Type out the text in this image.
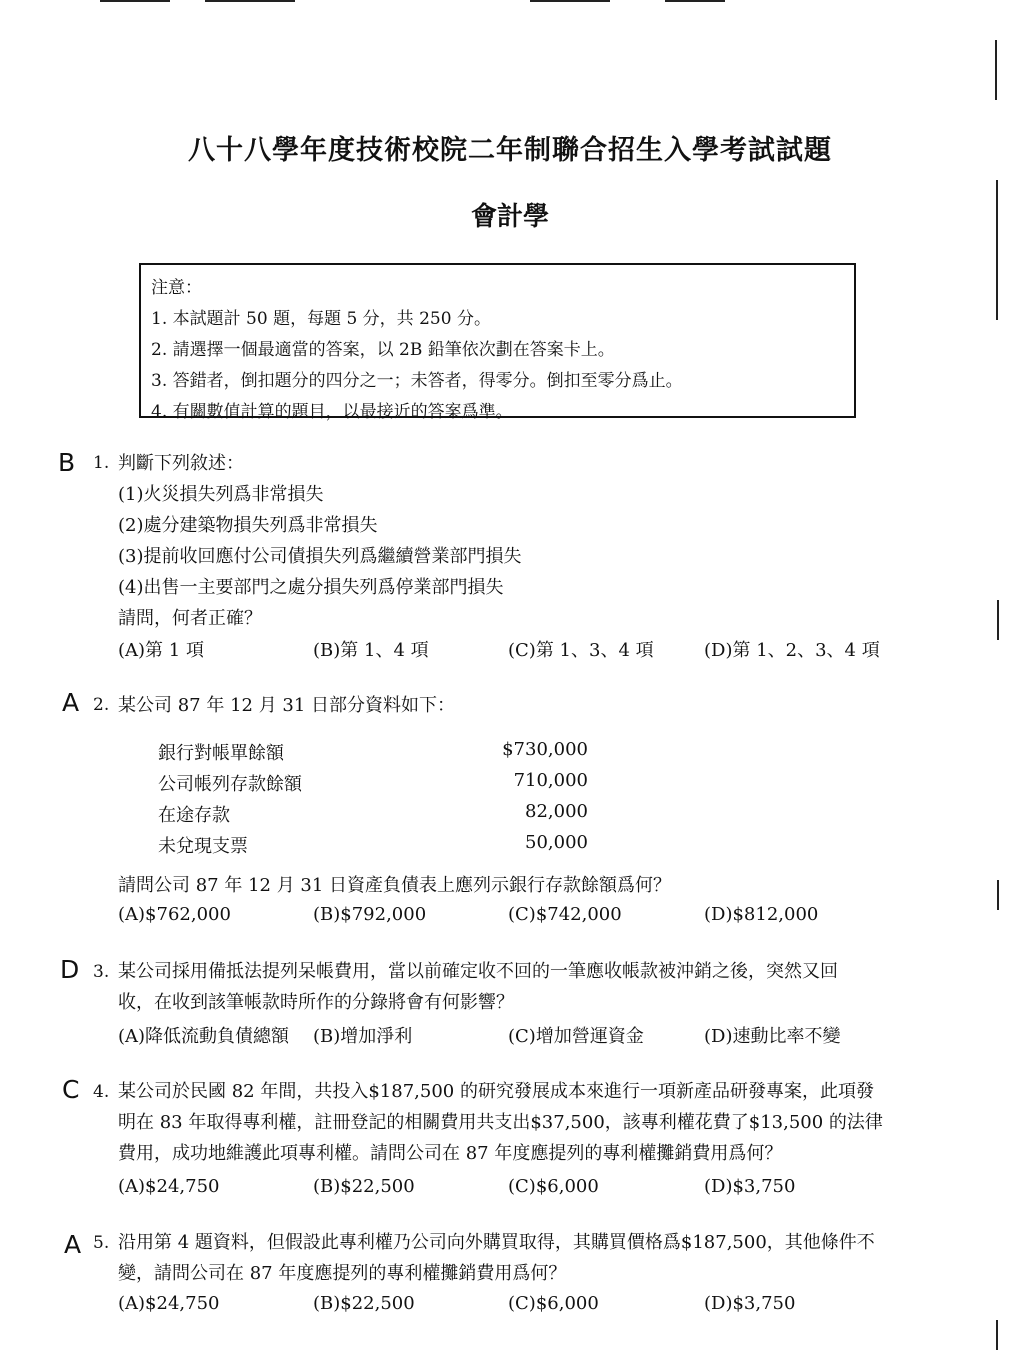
八十八學年度技術校院二年制聯合招生入學考試試題
會計學
注意：
1. 本試題計 50 題，每題 5 分，共 250 分。
2. 請選擇一個最適當的答案，以 2B 鉛筆依次劃在答案卡上。
3. 答錯者，倒扣題分的四分之一；未答者，得零分。倒扣至零分爲止。
4. 有關數值計算的題目，以最接近的答案爲準。
B 1. 判斷下列敘述：
(1)火災損失列爲非常損失
(2)處分建築物損失列爲非常損失
(3)提前收回應付公司債損失列爲繼續營業部門損失
(4)出售一主要部門之處分損失列爲停業部門損失
請問，何者正確？
(A)第 1 項	(B)第 1、4 項	(C)第 1、3、4 項	(D)第 1、2、3、4 項
A 2. 某公司 87 年 12 月 31 日部分資料如下：
銀行對帳單餘額	$730,000
公司帳列存款餘額	710,000
在途存款	82,000
未兌現支票	50,000
請問公司 87 年 12 月 31 日資產負債表上應列示銀行存款餘額爲何？
(A)$762,000	(B)$792,000	(C)$742,000	(D)$812,000
D 3. 某公司採用備抵法提列呆帳費用，當以前確定收不回的一筆應收帳款被沖銷之後，突然又回
收，在收到該筆帳款時所作的分錄將會有何影響？
(A)降低流動負債總額 (B)增加淨利	(C)增加營運資金	(D)速動比率不變
C 4. 某公司於民國 82 年間，共投入$187,500 的研究發展成本來進行一項新產品研發專案，此項發
明在 83 年取得專利權，註冊登記的相關費用共支出$37,500，該專利權花費了$13,500 的法律
費用，成功地維護此項專利權。請問公司在 87 年度應提列的專利權攤銷費用爲何？
(A)$24,750	(B)$22,500	(C)$6,000	(D)$3,750
A 5. 沿用第 4 題資料，但假設此專利權乃公司向外購買取得，其購買價格爲$187,500，其他條件不
變，請問公司在 87 年度應提列的專利權攤銷費用爲何？
(A)$24,750	(B)$22,500	(C)$6,000	(D)$3,750
